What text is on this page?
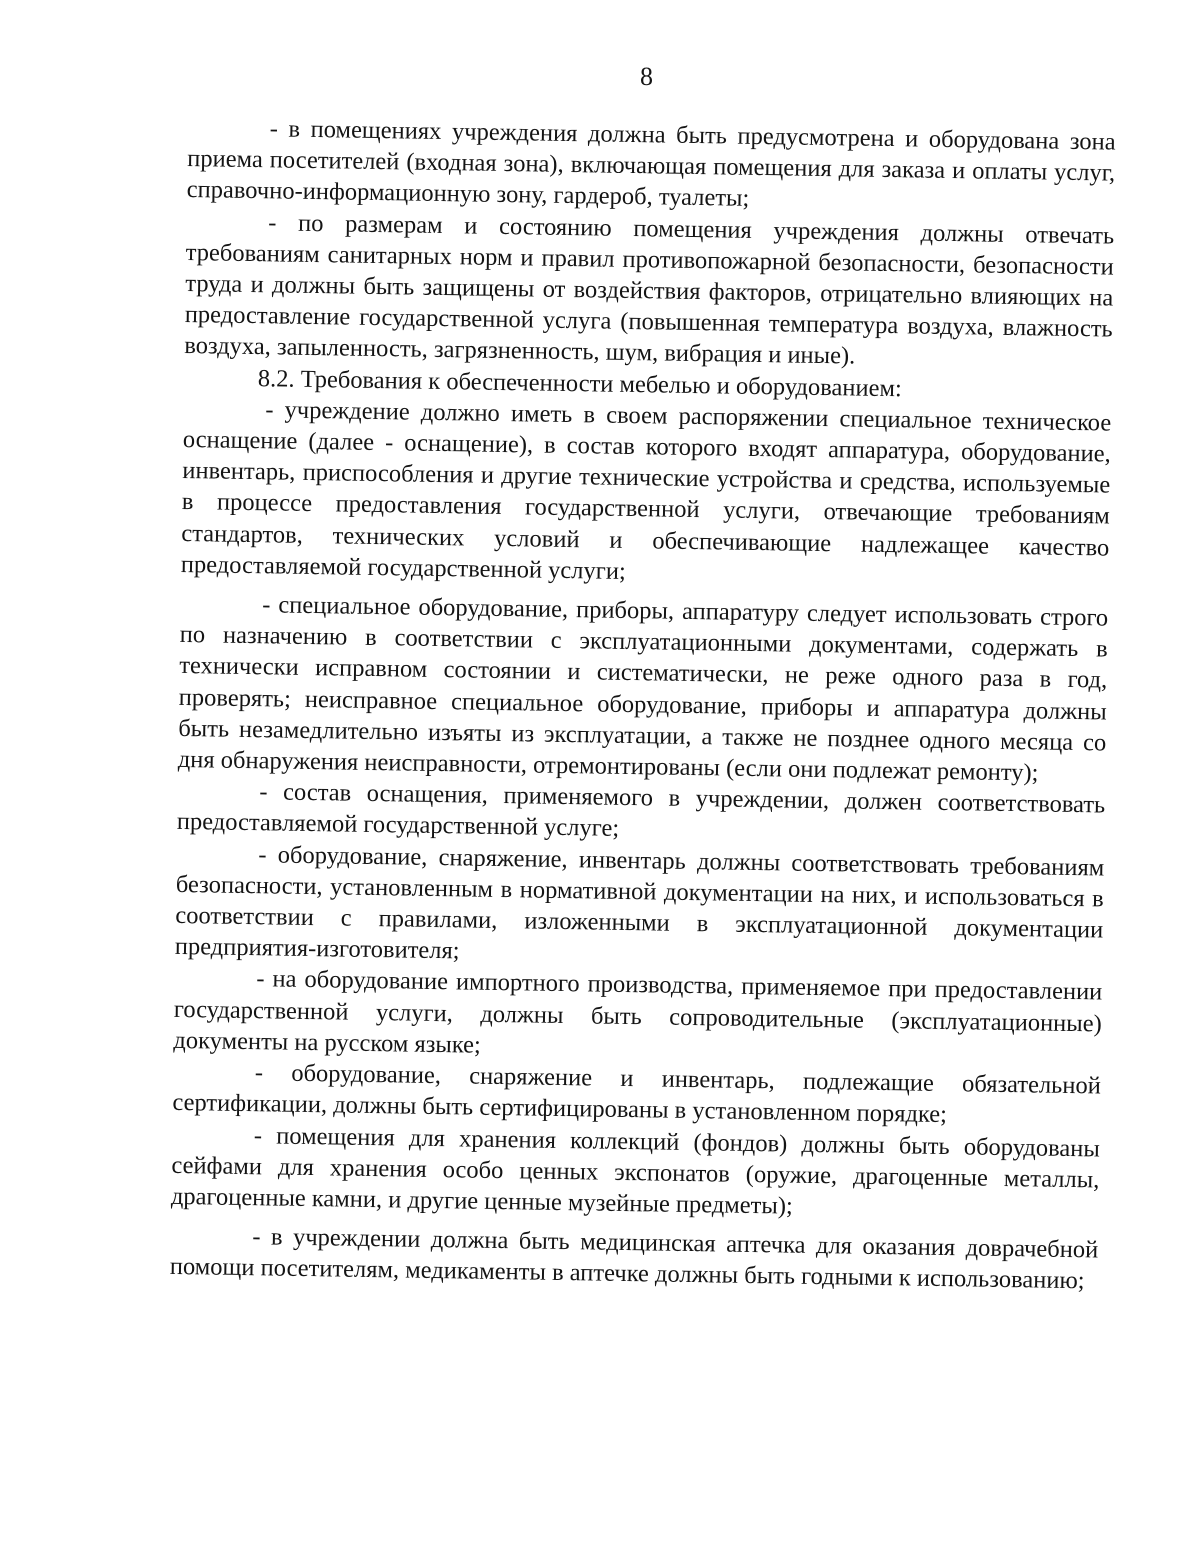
8

- в помещениях учреждения должна быть предусмотрена и оборудована зона приема посетителей (входная зона), включающая помещения для заказа и оплаты услуг, справочно-информационную зону, гардероб, туалеты;

- по размерам и состоянию помещения учреждения должны отвечать требованиям санитарных норм и правил противопожарной безопасности, безопасности труда и должны быть защищены от воздействия факторов, отрицательно влияющих на предоставление государственной услуга (повышенная температура воздуха, влажность воздуха, запыленность, загрязненность, шум, вибрация и иные).

8.2. Требования к обеспеченности мебелью и оборудованием:

- учреждение должно иметь в своем распоряжении специальное техническое оснащение (далее - оснащение), в состав которого входят аппаратура, оборудование, инвентарь, приспособления и другие технические устройства и средства, используемые в процессе предоставления государственной услуги, отвечающие требованиям стандартов, технических условий и обеспечивающие надлежащее качество предоставляемой государственной услуги;

- специальное оборудование, приборы, аппаратуру следует использовать строго по назначению в соответствии с эксплуатационными документами, содержать в технически исправном состоянии и систематически, не реже одного раза в год, проверять; неисправное специальное оборудование, приборы и аппаратура должны быть незамедлительно изъяты из эксплуатации, а также не позднее одного месяца со дня обнаружения неисправности, отремонтированы (если они подлежат ремонту);

- состав оснащения, применяемого в учреждении, должен соответствовать предоставляемой государственной услуге;

- оборудование, снаряжение, инвентарь должны соответствовать требованиям безопасности, установленным в нормативной документации на них, и использоваться в соответствии с правилами, изложенными в эксплуатационной документации предприятия-изготовителя;

- на оборудование импортного производства, применяемое при предоставлении государственной услуги, должны быть сопроводительные (эксплуатационные) документы на русском языке;

- оборудование, снаряжение и инвентарь, подлежащие обязательной сертификации, должны быть сертифицированы в установленном порядке;

- помещения для хранения коллекций (фондов) должны быть оборудованы сейфами для хранения особо ценных экспонатов (оружие, драгоценные металлы, драгоценные камни, и другие ценные музейные предметы);

- в учреждении должна быть медицинская аптечка для оказания доврачебной помощи посетителям, медикаменты в аптечке должны быть годными к использованию;
